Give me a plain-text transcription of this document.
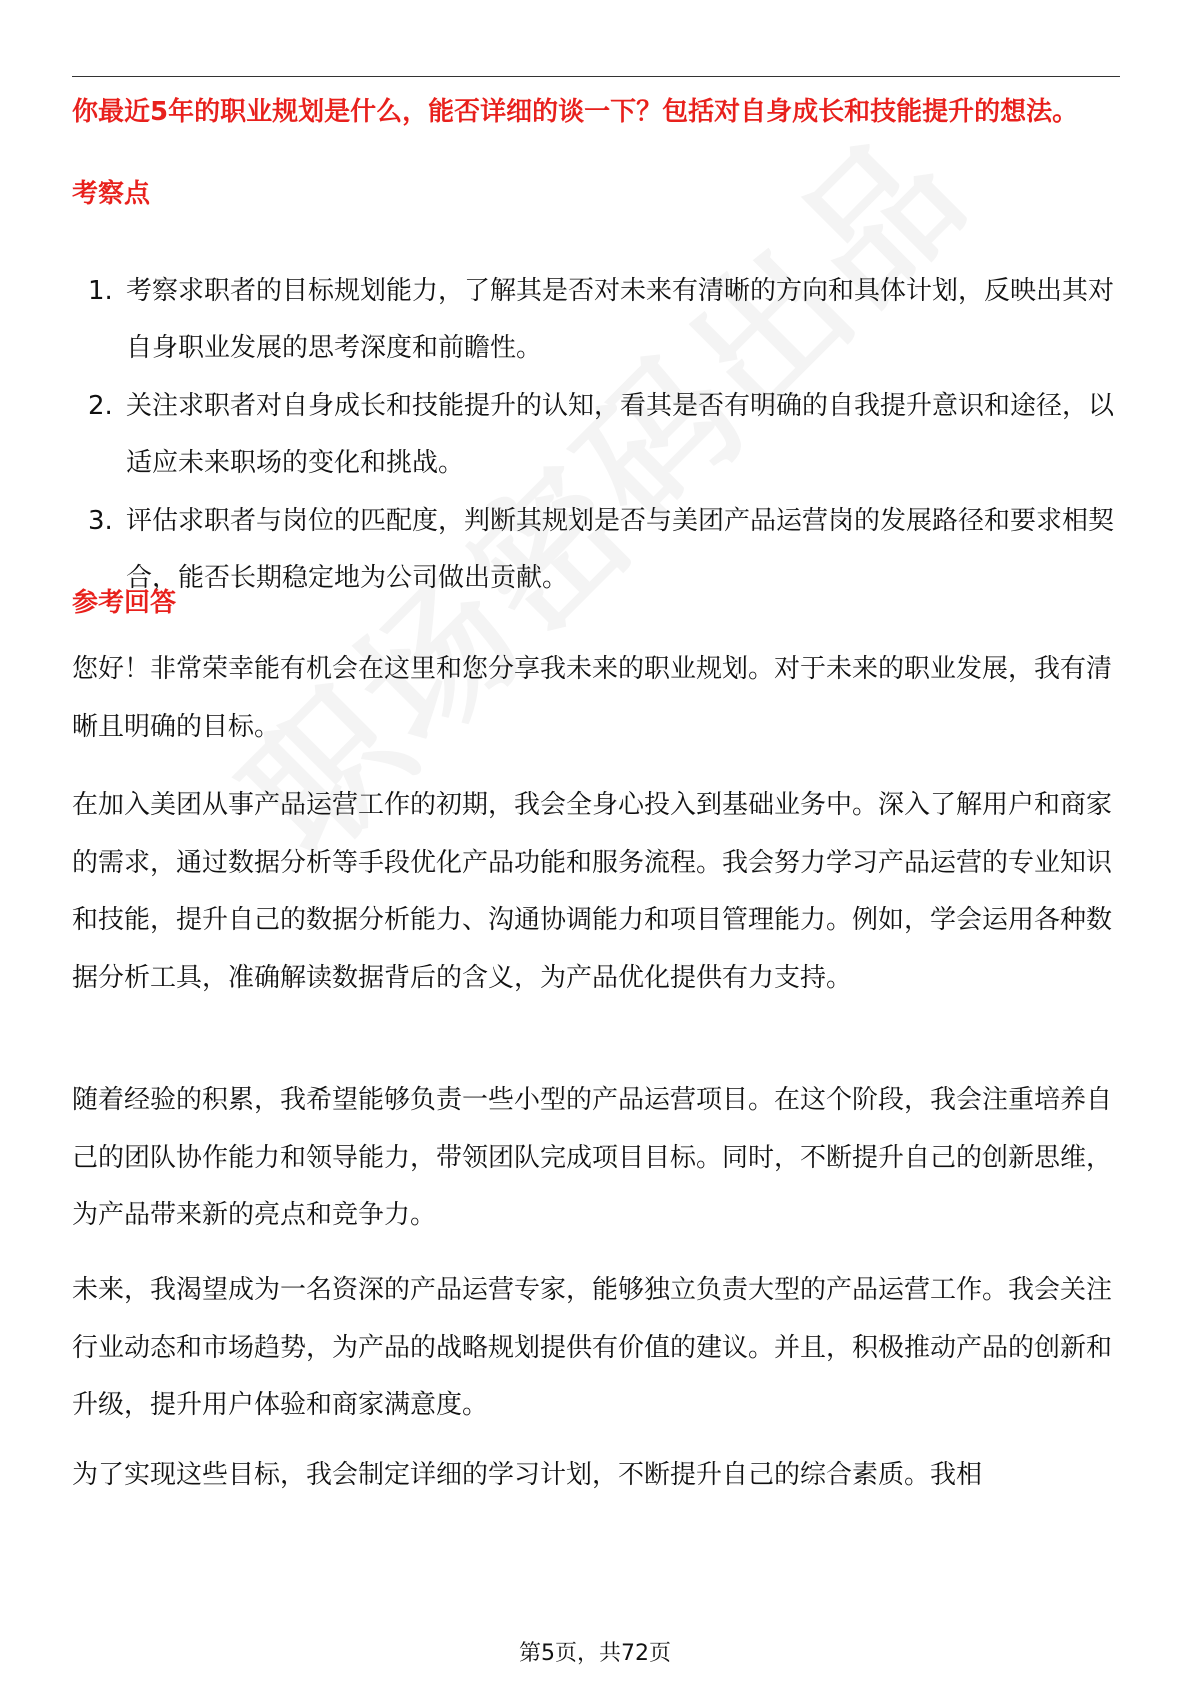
你最近5年的职业规划是什么，能否详细的谈一下？包括对自身成长和技能提升的想法。
考察点
1. 考察求职者的目标规划能力，了解其是否对未来有清晰的方向和具体计划，反映出其对自身职业发展的思考深度和前瞻性。
2. 关注求职者对自身成长和技能提升的认知，看其是否有明确的自我提升意识和途径，以适应未来职场的变化和挑战。
3. 评估求职者与岗位的匹配度，判断其规划是否与美团产品运营岗的发展路径和要求相契合，能否长期稳定地为公司做出贡献。
参考回答

您好！非常荣幸能有机会在这里和您分享我未来的职业规划。对于未来的职业发展，我有清晰且明确的目标。

在加入美团从事产品运营工作的初期，我会全身心投入到基础业务中。深入了解用户和商家的需求，通过数据分析等手段优化产品功能和服务流程。我会努力学习产品运营的专业知识和技能，提升自己的数据分析能力、沟通协调能力和项目管理能力。例如，学会运用各种数据分析工具，准确解读数据背后的含义，为产品优化提供有力支持。

随着经验的积累，我希望能够负责一些小型的产品运营项目。在这个阶段，我会注重培养自己的团队协作能力和领导能力，带领团队完成项目目标。同时，不断提升自己的创新思维，为产品带来新的亮点和竞争力。

未来，我渴望成为一名资深的产品运营专家，能够独立负责大型的产品运营工作。我会关注行业动态和市场趋势，为产品的战略规划提供有价值的建议。并且，积极推动产品的创新和升级，提升用户体验和商家满意度。

为了实现这些目标，我会制定详细的学习计划，不断提升自己的综合素质。我相

第5页，共72页
